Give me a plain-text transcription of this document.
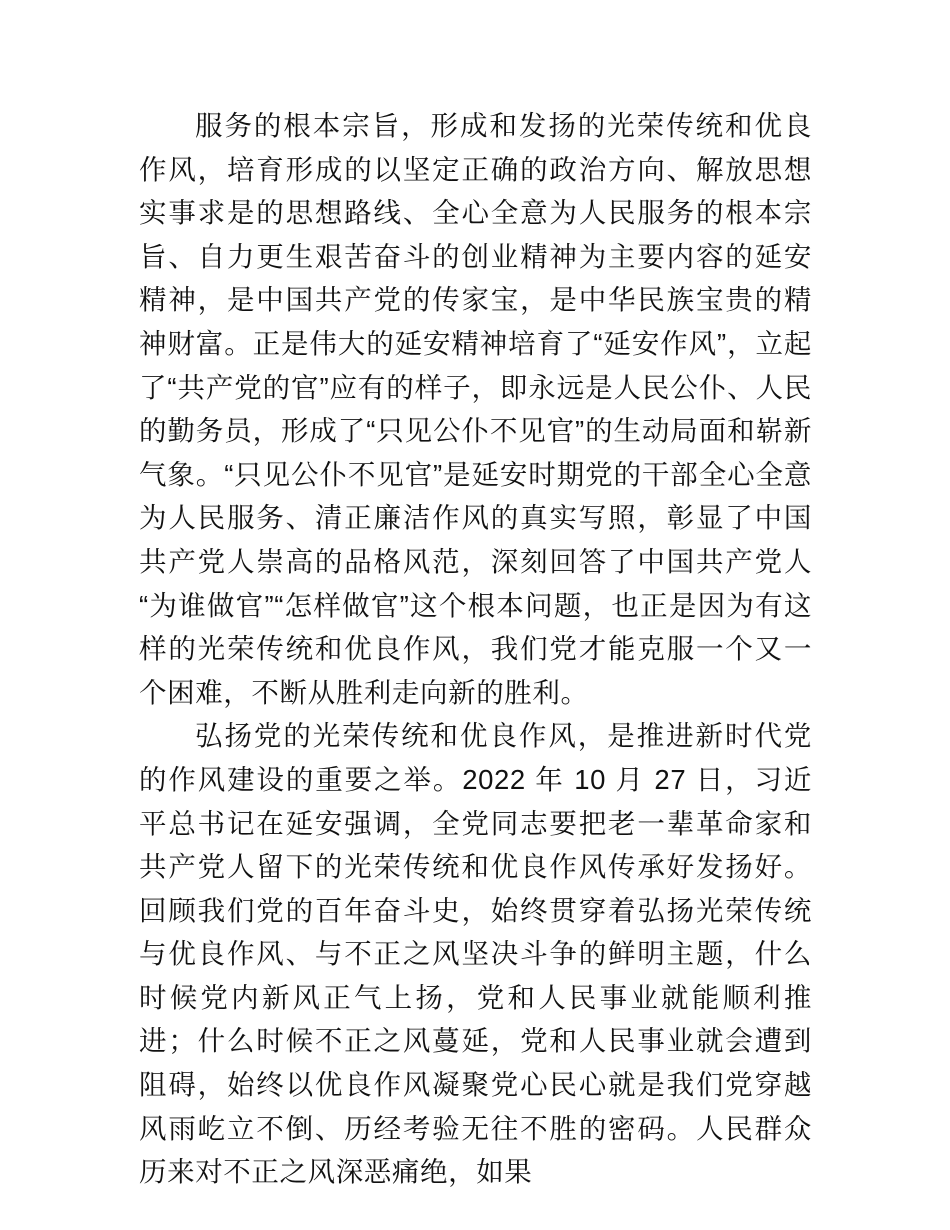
服务的根本宗旨，形成和发扬的光荣传统和优良作风，培育形成的以坚定正确的政治方向、解放思想实事求是的思想路线、全心全意为人民服务的根本宗旨、自力更生艰苦奋斗的创业精神为主要内容的延安精神，是中国共产党的传家宝，是中华民族宝贵的精神财富。正是伟大的延安精神培育了“延安作风”，立起了“共产党的官”应有的样子，即永远是人民公仆、人民的勤务员，形成了“只见公仆不见官”的生动局面和崭新气象。“只见公仆不见官”是延安时期党的干部全心全意为人民服务、清正廉洁作风的真实写照，彰显了中国共产党人崇高的品格风范，深刻回答了中国共产党人“为谁做官”“怎样做官”这个根本问题，也正是因为有这样的光荣传统和优良作风，我们党才能克服一个又一个困难，不断从胜利走向新的胜利。

弘扬党的光荣传统和优良作风，是推进新时代党的作风建设的重要之举。2022 年 10 月 27 日，习近平总书记在延安强调，全党同志要把老一辈革命家和共产党人留下的光荣传统和优良作风传承好发扬好。回顾我们党的百年奋斗史，始终贯穿着弘扬光荣传统与优良作风、与不正之风坚决斗争的鲜明主题，什么时候党内新风正气上扬，党和人民事业就能顺利推进；什么时候不正之风蔓延，党和人民事业就会遭到阻碍，始终以优良作风凝聚党心民心就是我们党穿越风雨屹立不倒、历经考验无往不胜的密码。人民群众历来对不正之风深恶痛绝，如果
